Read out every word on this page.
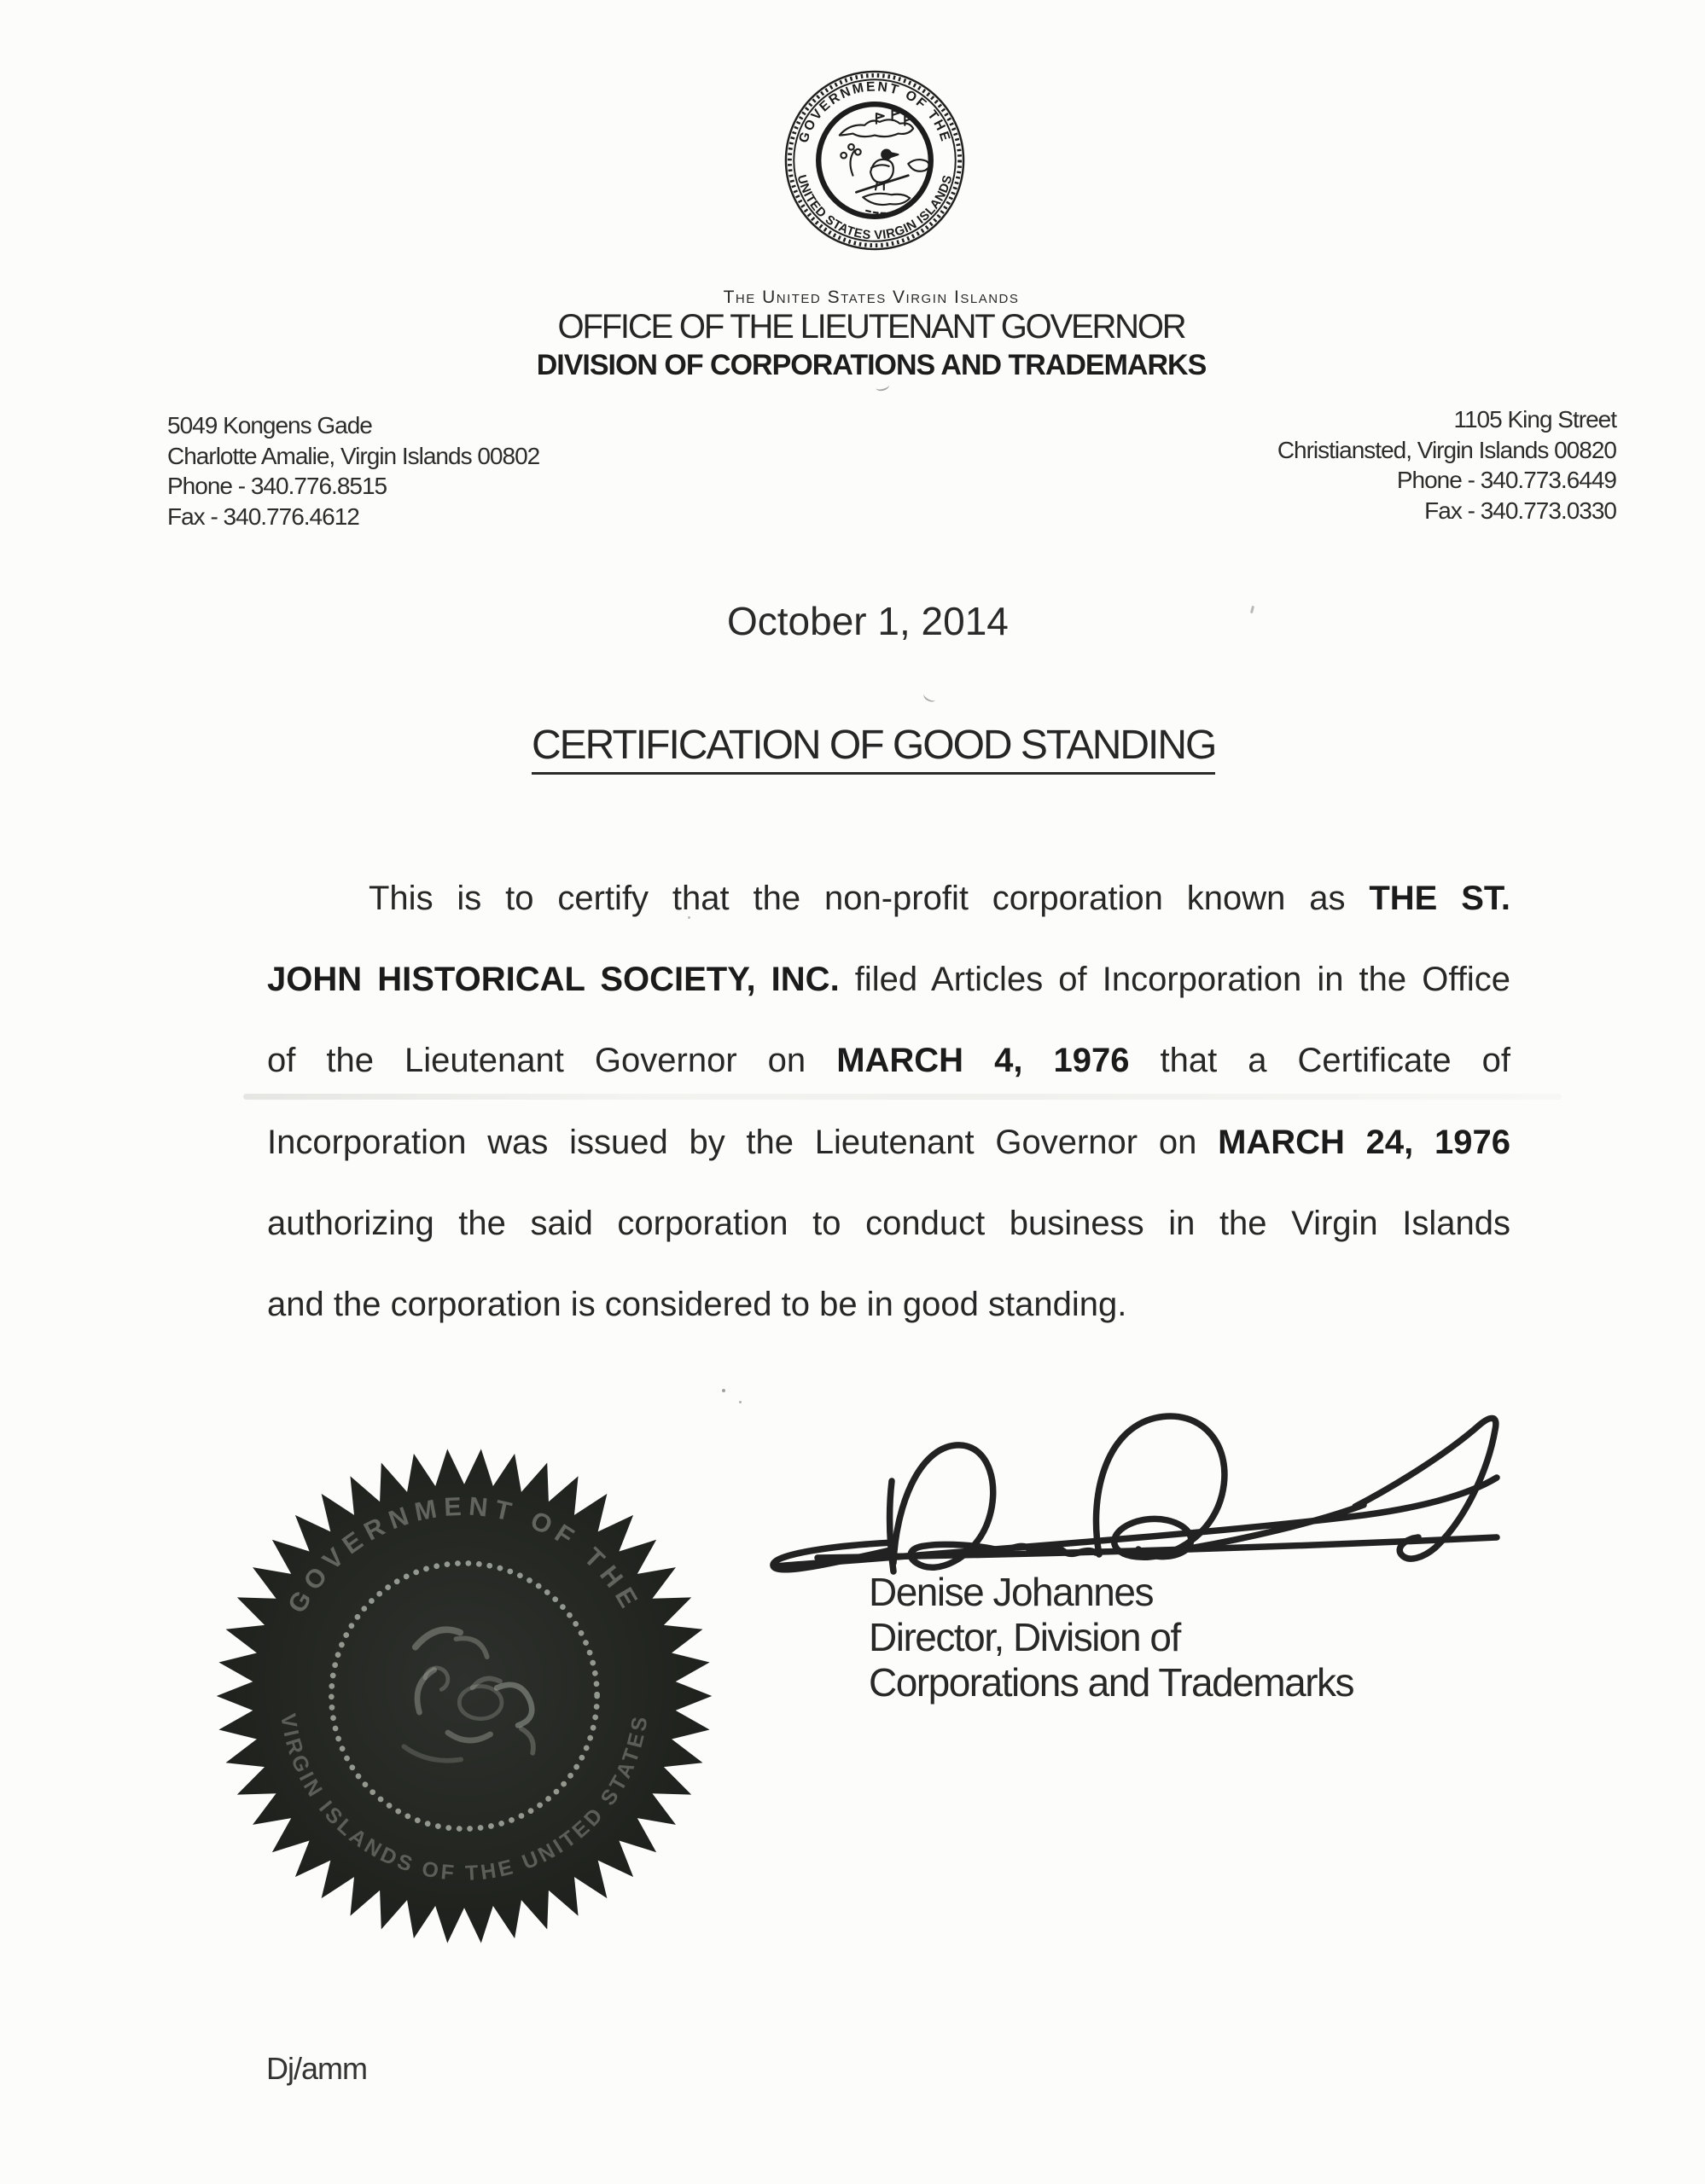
GOVERNMENT OF THE
UNITED STATES VIRGIN ISLANDS
The United States Virgin Islands
OFFICE OF THE LIEUTENANT GOVERNOR
DIVISION OF CORPORATIONS AND TRADEMARKS
5049 Kongens Gade
Charlotte Amalie, Virgin Islands 00802
Phone - 340.776.8515
Fax - 340.776.4612
1105 King Street
Christiansted, Virgin Islands 00820
Phone - 340.773.6449
Fax - 340.773.0330
October 1, 2014
CERTIFICATION OF GOOD STANDING
This is to certify that the non-profit corporation known as THE ST.
JOHN HISTORICAL SOCIETY, INC. filed Articles of Incorporation in the Office
of the Lieutenant Governor on MARCH 4, 1976 that a Certificate of
Incorporation was issued by the Lieutenant Governor on MARCH 24, 1976
authorizing the said corporation to conduct business in the Virgin Islands
and the corporation is considered to be in good standing.
Denise Johannes
Director, Division of
Corporations and Trademarks
GOVERNMENT OF THE
VIRGIN ISLANDS OF THE UNITED STATES
Dj/amm
